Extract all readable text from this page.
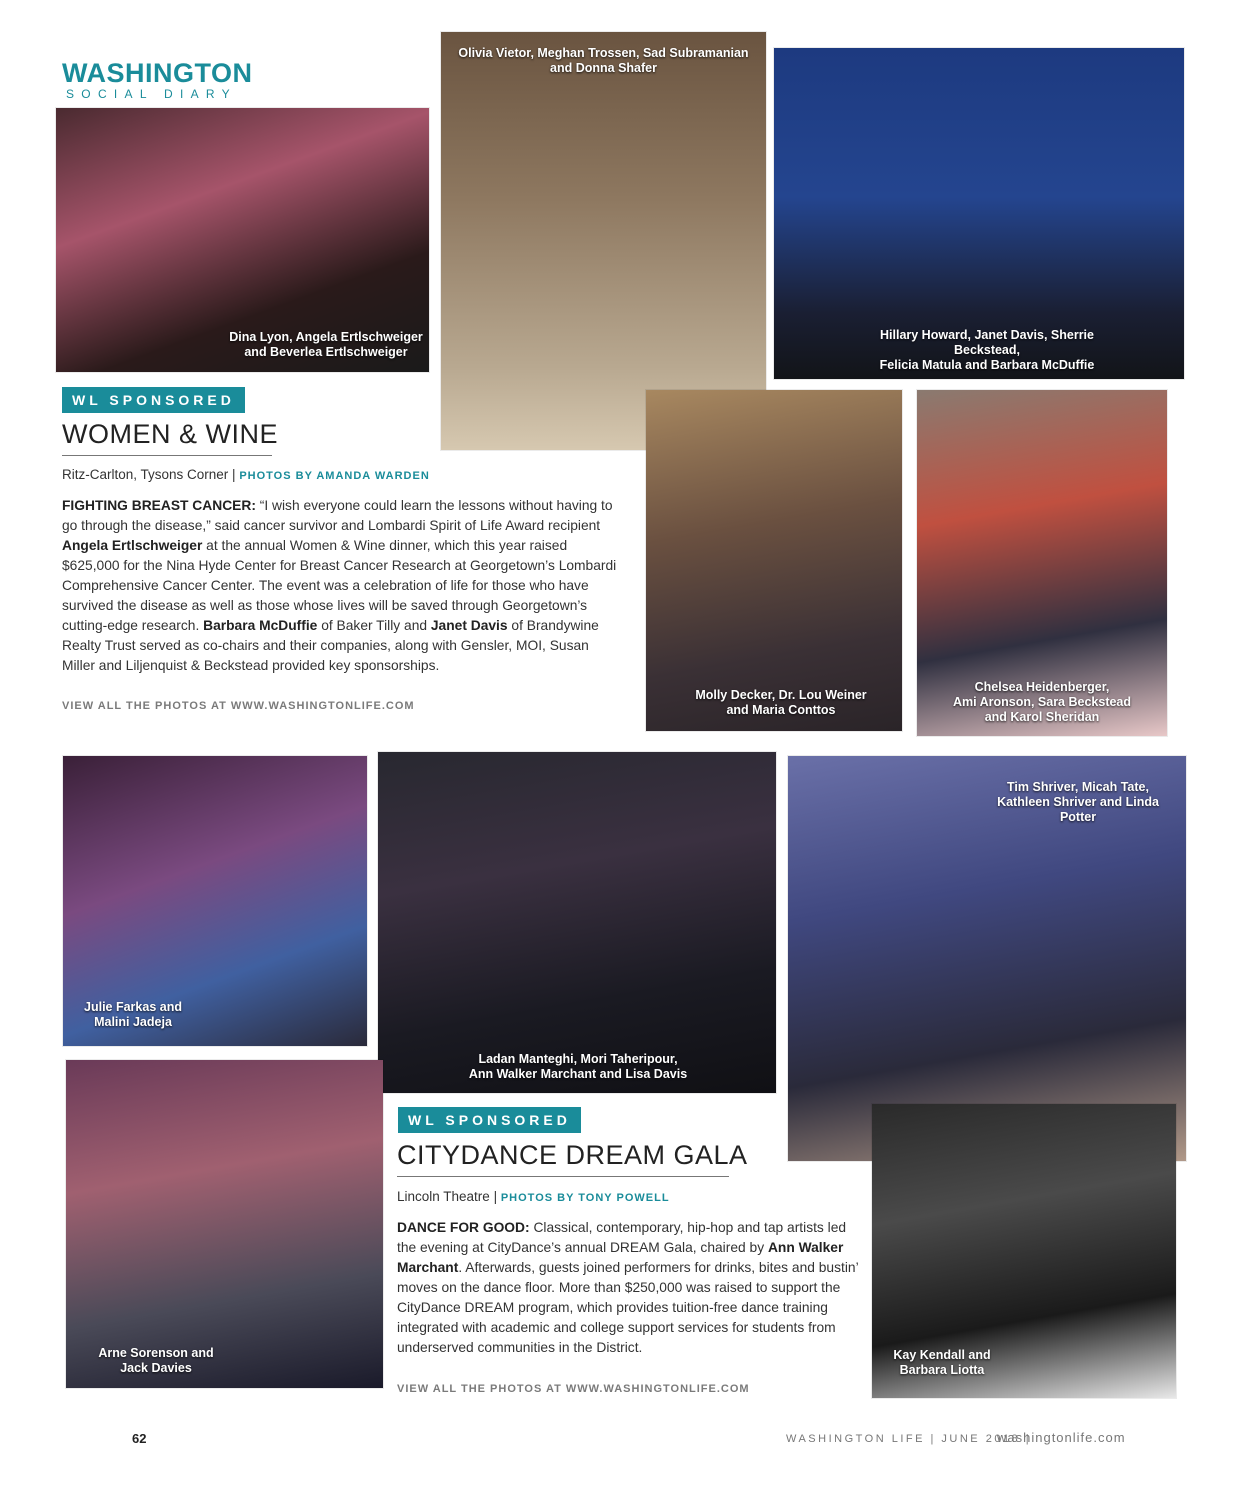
WASHINGTON
SOCIAL DIARY
Dina Lyon, Angela Ertlschweiger
and Beverlea Ertlschweiger
Olivia Vietor, Meghan Trossen, Sad Subramanian
and Donna Shafer
Hillary Howard, Janet Davis, Sherrie Beckstead,
Felicia Matula and Barbara McDuffie
WL SPONSORED
WOMEN & WINE
Ritz-Carlton, Tysons Corner | PHOTOS BY AMANDA WARDEN
FIGHTING BREAST CANCER: “I wish everyone could learn the lessons without having to go through the disease,” said cancer survivor and Lombardi Spirit of Life Award recipient Angela Ertlschweiger at the annual Women & Wine dinner, which this year raised $625,000 for the Nina Hyde Center for Breast Cancer Research at Georgetown’s Lombardi Comprehensive Cancer Center. The event was a celebration of life for those who have survived the disease as well as those whose lives will be saved through Georgetown’s cutting-edge research. Barbara McDuffie of Baker Tilly and Janet Davis of Brandywine Realty Trust served as co-chairs and their companies, along with Gensler, MOI, Susan Miller and Liljenquist & Beckstead provided key sponsorships.
VIEW ALL THE PHOTOS AT WWW.WASHINGTONLIFE.COM
Molly Decker, Dr. Lou Weiner
and Maria Conttos
Chelsea Heidenberger,
Ami Aronson, Sara Beckstead
and Karol Sheridan
Julie Farkas and
Malini Jadeja
Ladan Manteghi, Mori Taheripour,
Ann Walker Marchant and Lisa Davis
Tim Shriver, Micah Tate,
Kathleen Shriver and Linda Potter
Arne Sorenson and
Jack Davies
WL SPONSORED
CITYDANCE DREAM GALA
Lincoln Theatre | PHOTOS BY TONY POWELL
DANCE FOR GOOD: Classical, contemporary, hip-hop and tap artists led the evening at CityDance’s annual DREAM Gala, chaired by Ann Walker Marchant. Afterwards, guests joined performers for drinks, bites and bustin’ moves on the dance floor. More than $250,000 was raised to support the CityDance DREAM program, which provides tuition-free dance training integrated with academic and college support services for students from underserved communities in the District.
VIEW ALL THE PHOTOS AT WWW.WASHINGTONLIFE.COM
Kay Kendall and
Barbara Liotta
62	WASHINGTON LIFE | JUNE 2018 |
washingtonlife.com
